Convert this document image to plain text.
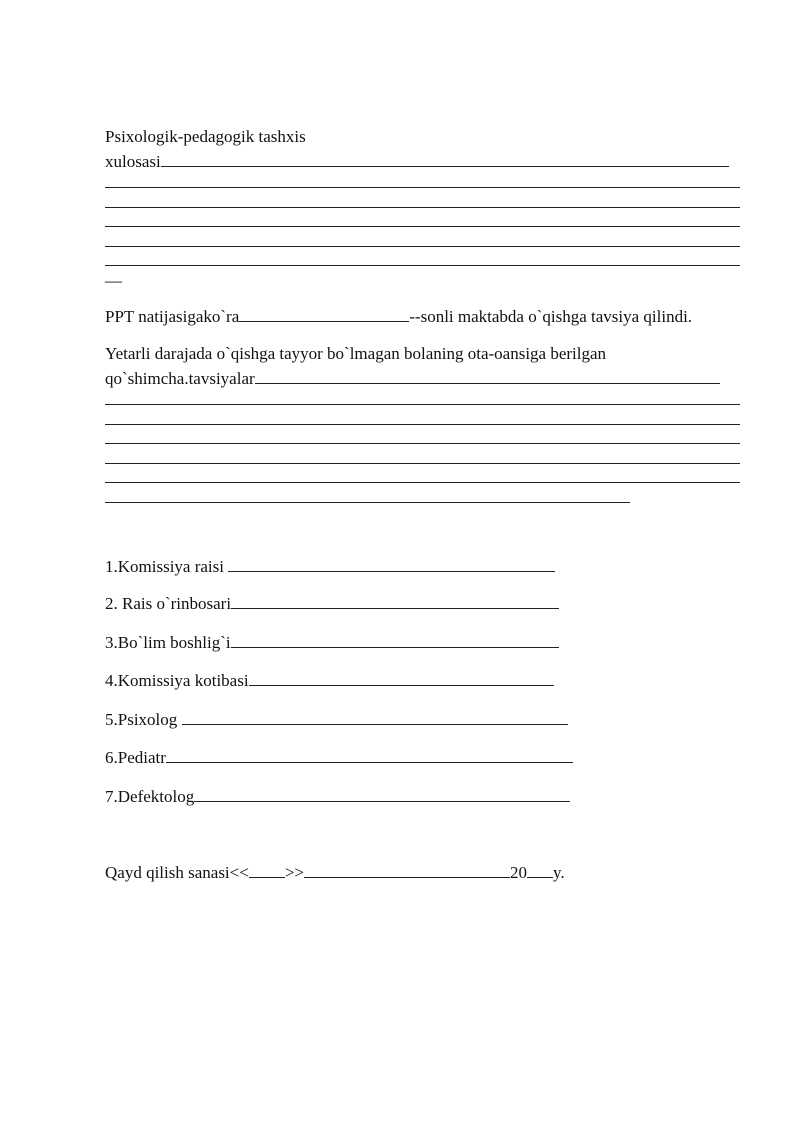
Psixologik-pedagogik tashxis
xulosasi
—
PPT natijasigako`ra	--sonli maktabda o`qishga tavsiya qilindi.
Yetarli darajada o`qishga tayyor bo`lmagan bolaning ota-oansiga berilgan
qo`shimcha.tavsiyalar
1.Komissiya raisi
2. Rais o`rinbosari
3.Bo`lim boshlig`i
4.Komissiya kotibasi
5.Psixolog
6.Pediatr
7.Defektolog
Qayd qilish sanasi<< >>	20 y.
